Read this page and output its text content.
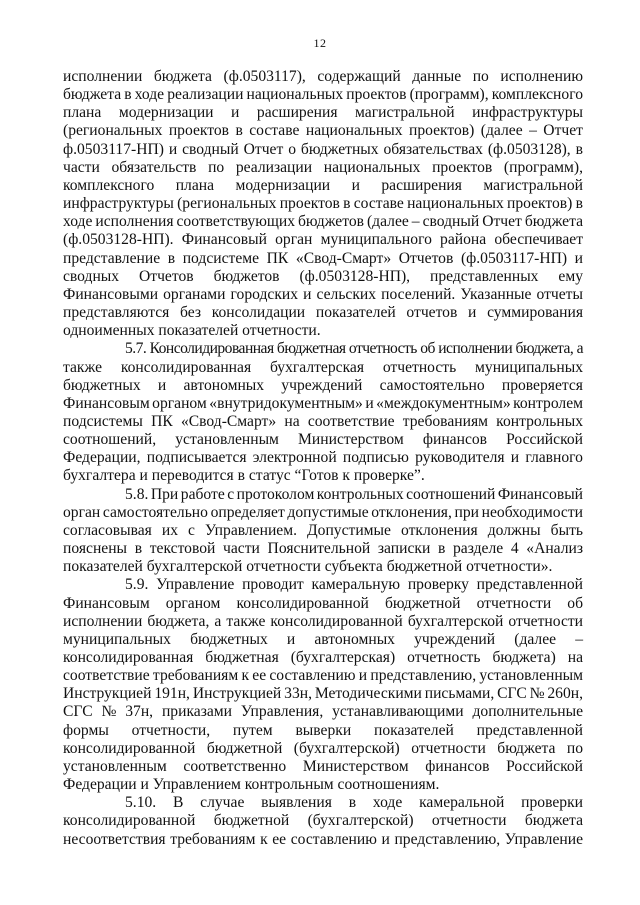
12

исполнении бюджета (ф.0503117), содержащий данные по исполнению
бюджета в ходе реализации национальных проектов (программ), комплексного
плана модернизации и расширения магистральной инфраструктуры
(региональных проектов в составе национальных проектов) (далее – Отчет
ф.0503117-НП) и сводный Отчет о бюджетных обязательствах (ф.0503128), в
части обязательств по реализации национальных проектов (программ),
комплексного плана модернизации и расширения магистральной
инфраструктуры (региональных проектов в составе национальных проектов) в
ходе исполнения соответствующих бюджетов (далее – сводный Отчет бюджета
(ф.0503128-НП). Финансовый орган муниципального района обеспечивает
представление в подсистеме ПК «Свод-Смарт» Отчетов (ф.0503117-НП) и
сводных Отчетов бюджетов (ф.0503128-НП), представленных ему
Финансовыми органами городских и сельских поселений. Указанные отчеты
представляются без консолидации показателей отчетов и суммирования
одноименных показателей отчетности.

5.7. Консолидированная бюджетная отчетность об исполнении бюджета, а
также консолидированная бухгалтерская отчетность муниципальных
бюджетных и автономных учреждений самостоятельно проверяется
Финансовым органом «внутридокументным» и «междокументным» контролем
подсистемы ПК «Свод-Смарт» на соответствие требованиям контрольных
соотношений, установленным Министерством финансов Российской
Федерации, подписывается электронной подписью руководителя и главного
бухгалтера и переводится в статус “Готов к проверке”.

5.8. При работе с протоколом контрольных соотношений Финансовый
орган самостоятельно определяет допустимые отклонения, при необходимости
согласовывая их с Управлением. Допустимые отклонения должны быть
пояснены в текстовой части Пояснительной записки в разделе 4 «Анализ
показателей бухгалтерской отчетности субъекта бюджетной отчетности».

5.9. Управление проводит камеральную проверку представленной
Финансовым органом консолидированной бюджетной отчетности об
исполнении бюджета, а также консолидированной бухгалтерской отчетности
муниципальных бюджетных и автономных учреждений (далее –
консолидированная бюджетная (бухгалтерская) отчетность бюджета) на
соответствие требованиям к ее составлению и представлению, установленным
Инструкцией 191н, Инструкцией 33н, Методическими письмами, СГС № 260н,
СГС № 37н, приказами Управления, устанавливающими дополнительные
формы отчетности, путем выверки показателей представленной
консолидированной бюджетной (бухгалтерской) отчетности бюджета по
установленным соответственно Министерством финансов Российской
Федерации и Управлением контрольным соотношениям.

5.10. В случае выявления в ходе камеральной проверки
консолидированной бюджетной (бухгалтерской) отчетности бюджета
несоответствия требованиям к ее составлению и представлению, Управление
